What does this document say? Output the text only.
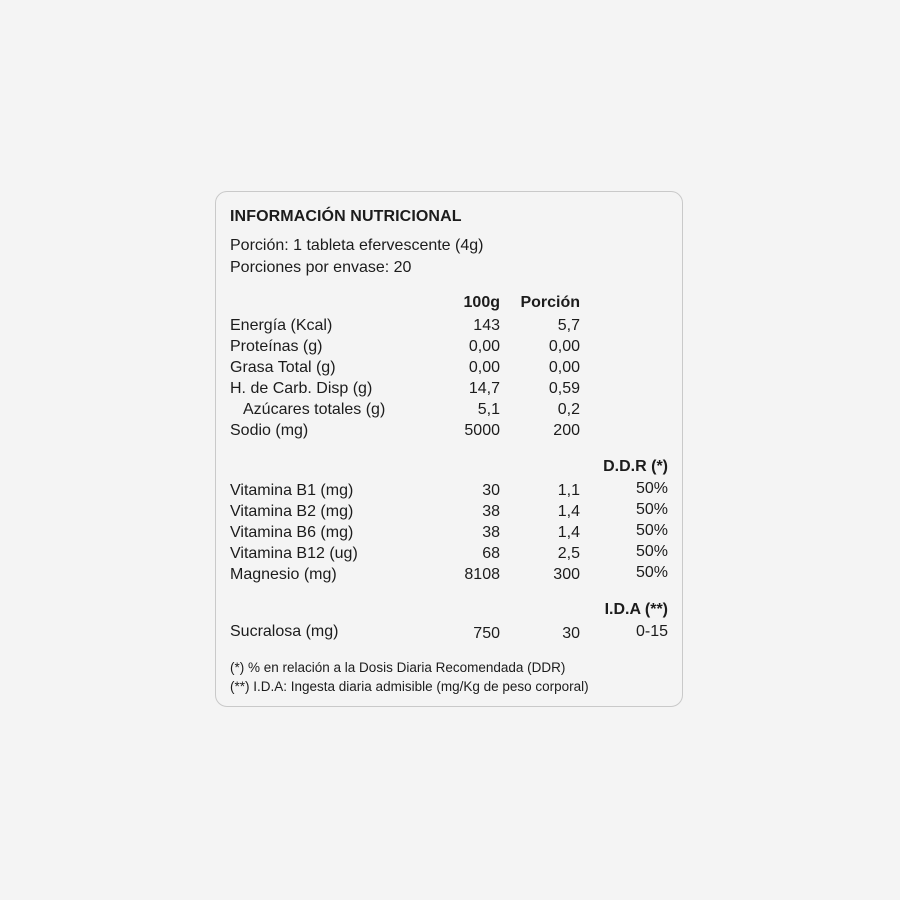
INFORMACIÓN NUTRICIONAL
Porción: 1 tableta efervescente (4g)
Porciones por envase: 20
100g Porción
Energía (Kcal)	143	5,7
Proteínas (g)	0,00	0,00
Grasa Total (g)	0,00	0,00
H. de Carb. Disp (g)	14,7	0,59
Azúcares totales (g)	5,1	0,2
Sodio (mg)	5000	200
D.D.R (*)
Vitamina B1 (mg)	30	1,1	50%
Vitamina B2 (mg)	38	1,4	50%
Vitamina B6 (mg)	38	1,4	50%
Vitamina B12 (ug)	68	2,5	50%
Magnesio (mg)	8108	300	50%
I.D.A (**)
Sucralosa (mg)	750	30	0-15
(*) % en relación a la Dosis Diaria Recomendada (DDR)
(**) I.D.A: Ingesta diaria admisible (mg/Kg de peso corporal)
